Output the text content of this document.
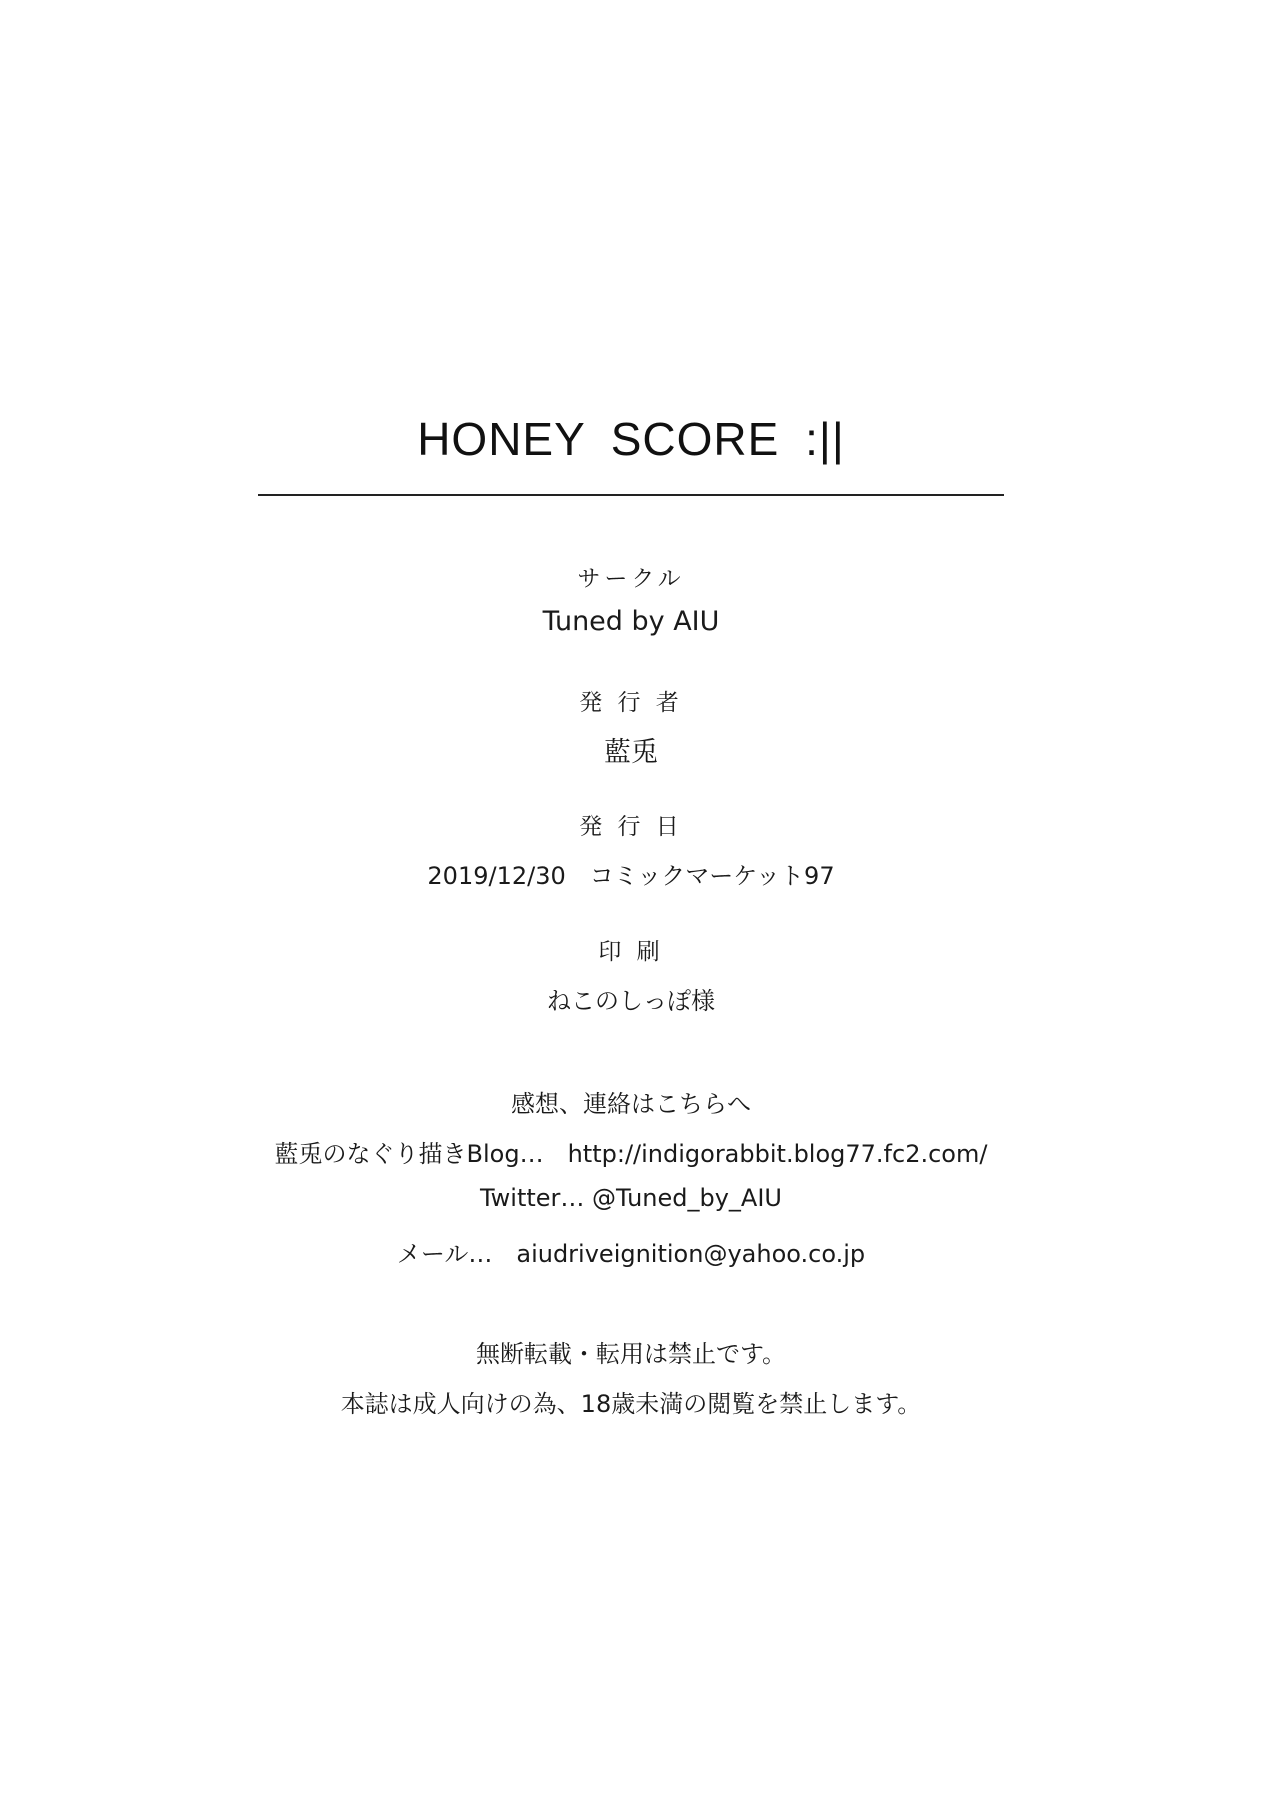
HONEY SCORE :||
サークル
Tuned by AIU
発 行 者
藍兎
発 行 日
2019/12/30　コミックマーケット97
印 刷
ねこのしっぽ様
感想、連絡はこちらへ
藍兎のなぐり描きBlog…　http://indigorabbit.blog77.fc2.com/
Twitter… @Tuned_by_AIU
メール…　aiudriveignition@yahoo.co.jp
無断転載・転用は禁止です。
本誌は成人向けの為、18歳未満の閲覧を禁止します。
